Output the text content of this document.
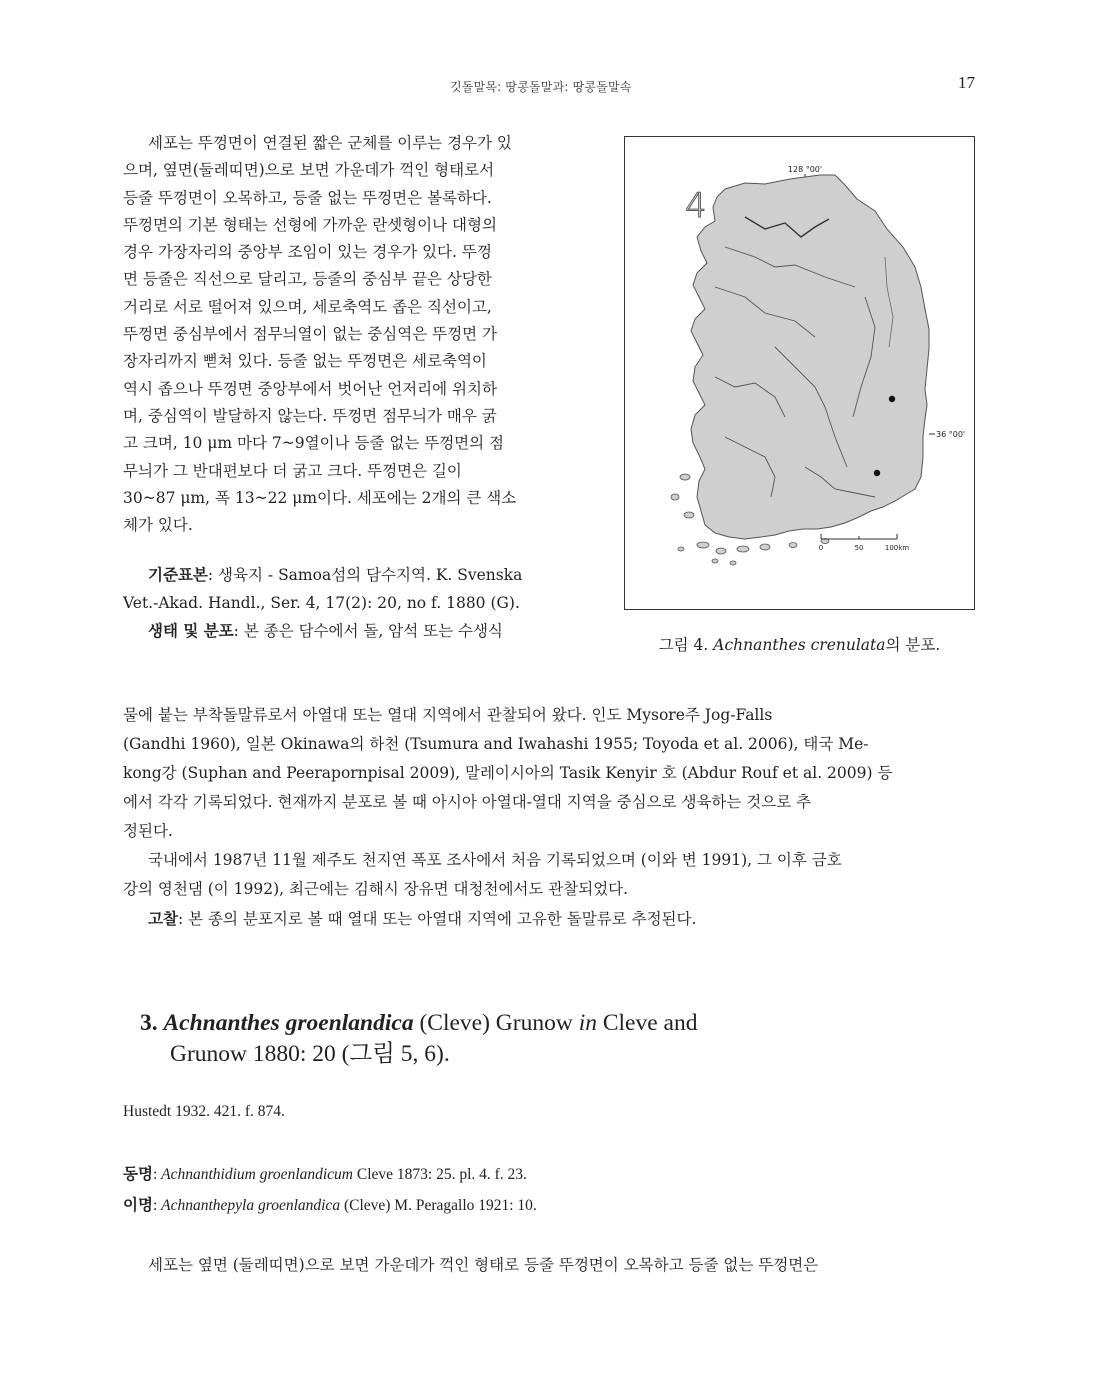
깃돌말목: 땅콩돌말과: 땅콩돌말속	17

세포는 뚜껑면이 연결된 짧은 군체를 이루는 경우가 있

으며, 옆면(둘레띠면)으로 보면 가운데가 꺽인 형태로서

등줄 뚜껑면이 오목하고, 등줄 없는 뚜껑면은 볼록하다.

뚜껑면의 기본 형태는 선형에 가까운 란셋형이나 대형의

경우 가장자리의 중앙부 조임이 있는 경우가 있다. 뚜껑

면 등줄은 직선으로 달리고, 등줄의 중심부 끝은 상당한

거리로 서로 떨어져 있으며, 세로축역도 좁은 직선이고,

뚜껑면 중심부에서 점무늬열이 없는 중심역은 뚜껑면 가

장자리까지 뻗쳐 있다. 등줄 없는 뚜껑면은 세로축역이

역시 좁으나 뚜껑면 중앙부에서 벗어난 언저리에 위치하

며, 중심역이 발달하지 않는다. 뚜껑면 점무늬가 매우 굵

고 크며, 10 μm 마다 7~9열이나 등줄 없는 뚜껑면의 점

무늬가 그 반대편보다 더 굵고 크다. 뚜껑면은 길이

30~87 μm, 폭 13~22 μm이다. 세포에는 2개의 큰 색소

체가 있다.

기준표본: 생육지 - Samoa섬의 담수지역. K. Svenska

Vet.-Akad. Handl., Ser. 4, 17(2): 20, no f. 1880 (G).

생태 및 분포: 본 종은 담수에서 돌, 암석 또는 수생식

128 °00'
36 °00'
4
0	50	100km
그림 4. Achnanthes crenulata의 분포.

물에 붙는 부착돌말류로서 아열대 또는 열대 지역에서 관찰되어 왔다. 인도 Mysore주 Jog-Falls

(Gandhi 1960), 일본 Okinawa의 하천 (Tsumura and Iwahashi 1955; Toyoda et al. 2006), 태국 Me-

kong강 (Suphan and Peerapornpisal 2009), 말레이시아의 Tasik Kenyir 호 (Abdur Rouf et al. 2009) 등

에서 각각 기록되었다. 현재까지 분포로 볼 때 아시아 아열대-열대 지역을 중심으로 생육하는 것으로 추

정된다.

국내에서 1987년 11월 제주도 천지연 폭포 조사에서 처음 기록되었으며 (이와 변 1991), 그 이후 금호

강의 영천댐 (이 1992), 최근에는 김해시 장유면 대청천에서도 관찰되었다.

고찰: 본 종의 분포지로 볼 때 열대 또는 아열대 지역에 고유한 돌말류로 추정된다.

3. Achnanthes groenlandica (Cleve) Grunow in Cleve and
Grunow 1880: 20 (그림 5, 6).
Hustedt 1932. 421. f. 874.
동명: Achnanthidium groenlandicum Cleve 1873: 25. pl. 4. f. 23.
이명: Achnanthepyla groenlandica (Cleve) M. Peragallo 1921: 10.

세포는 옆면 (둘레띠면)으로 보면 가운데가 꺽인 형태로 등줄 뚜껑면이 오목하고 등줄 없는 뚜껑면은
